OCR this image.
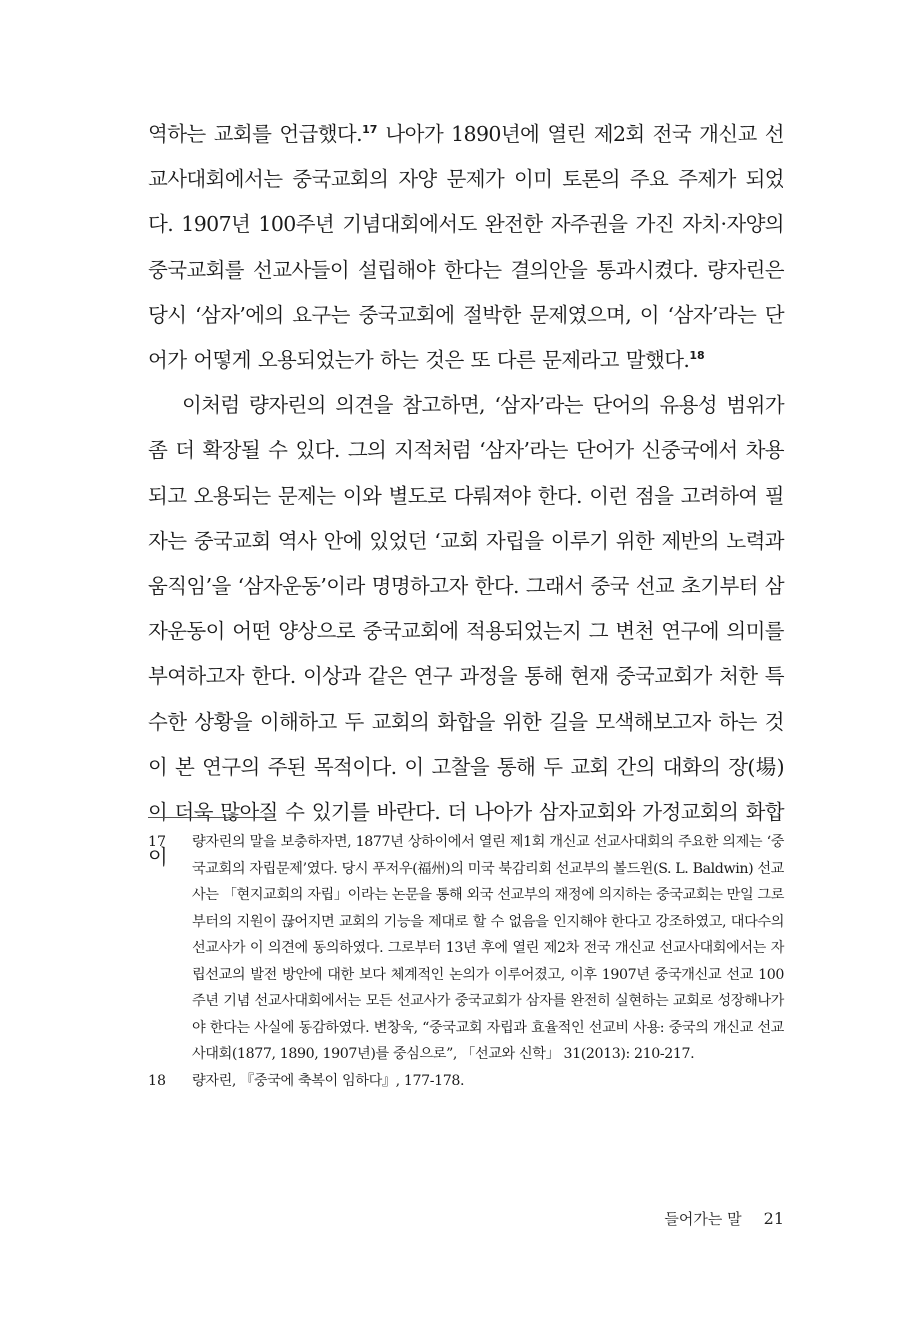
역하는 교회를 언급했다.$^{17}$ 나아가 1890년에 열린 제2회 전국 개신교 선교사대회에서는 중국교회의 자양 문제가 이미 토론의 주요 주제가 되었다. 1907년 100주년 기념대회에서도 완전한 자주권을 가진 자치·자양의 중국교회를 선교사들이 설립해야 한다는 결의안을 통과시켰다. 량자린은 당시 ‘삼자’에의 요구는 중국교회에 절박한 문제였으며, 이 ‘삼자’라는 단어가 어떻게 오용되었는가 하는 것은 또 다른 문제라고 말했다.$^{18}$

이처럼 량자린의 의견을 참고하면, ‘삼자’라는 단어의 유용성 범위가 좀 더 확장될 수 있다. 그의 지적처럼 ‘삼자’라는 단어가 신중국에서 차용되고 오용되는 문제는 이와 별도로 다뤄져야 한다. 이런 점을 고려하여 필자는 중국교회 역사 안에 있었던 ‘교회 자립을 이루기 위한 제반의 노력과 움직임’을 ‘삼자운동’이라 명명하고자 한다. 그래서 중국 선교 초기부터 삼자운동이 어떤 양상으로 중국교회에 적용되었는지 그 변천 연구에 의미를 부여하고자 한다. 이상과 같은 연구 과정을 통해 현재 중국교회가 처한 특수한 상황을 이해하고 두 교회의 화합을 위한 길을 모색해보고자 하는 것이 본 연구의 주된 목적이다. 이 고찰을 통해 두 교회 간의 대화의 장(場)이 더욱 많아질 수 있기를 바란다. 더 나아가 삼자교회와 가정교회의 화합이

17 량자린의 말을 보충하자면, 1877년 상하이에서 열린 제1회 개신교 선교사대회의 주요한 의제는 ‘중국교회의 자립문제’였다. 당시 푸저우(福州)의 미국 북감리회 선교부의 볼드윈(S. L. Baldwin) 선교사는 「현지교회의 자립」이라는 논문을 통해 외국 선교부의 재정에 의지하는 중국교회는 만일 그로부터의 지원이 끊어지면 교회의 기능을 제대로 할 수 없음을 인지해야 한다고 강조하였고, 대다수의 선교사가 이 의견에 동의하였다. 그로부터 13년 후에 열린 제2차 전국 개신교 선교사대회에서는 자립선교의 발전 방안에 대한 보다 체계적인 논의가 이루어졌고, 이후 1907년 중국개신교 선교 100주년 기념 선교사대회에서는 모든 선교사가 중국교회가 삼자를 완전히 실현하는 교회로 성장해나가야 한다는 사실에 동감하였다. 변창욱, “중국교회 자립과 효율적인 선교비 사용: 중국의 개신교 선교사대회(1877, 1890, 1907년)를 중심으로”, 「선교와 신학」 31(2013): 210-217.

18 량자린, 『중국에 축복이 임하다』, 177-178.

들어가는 말 21
